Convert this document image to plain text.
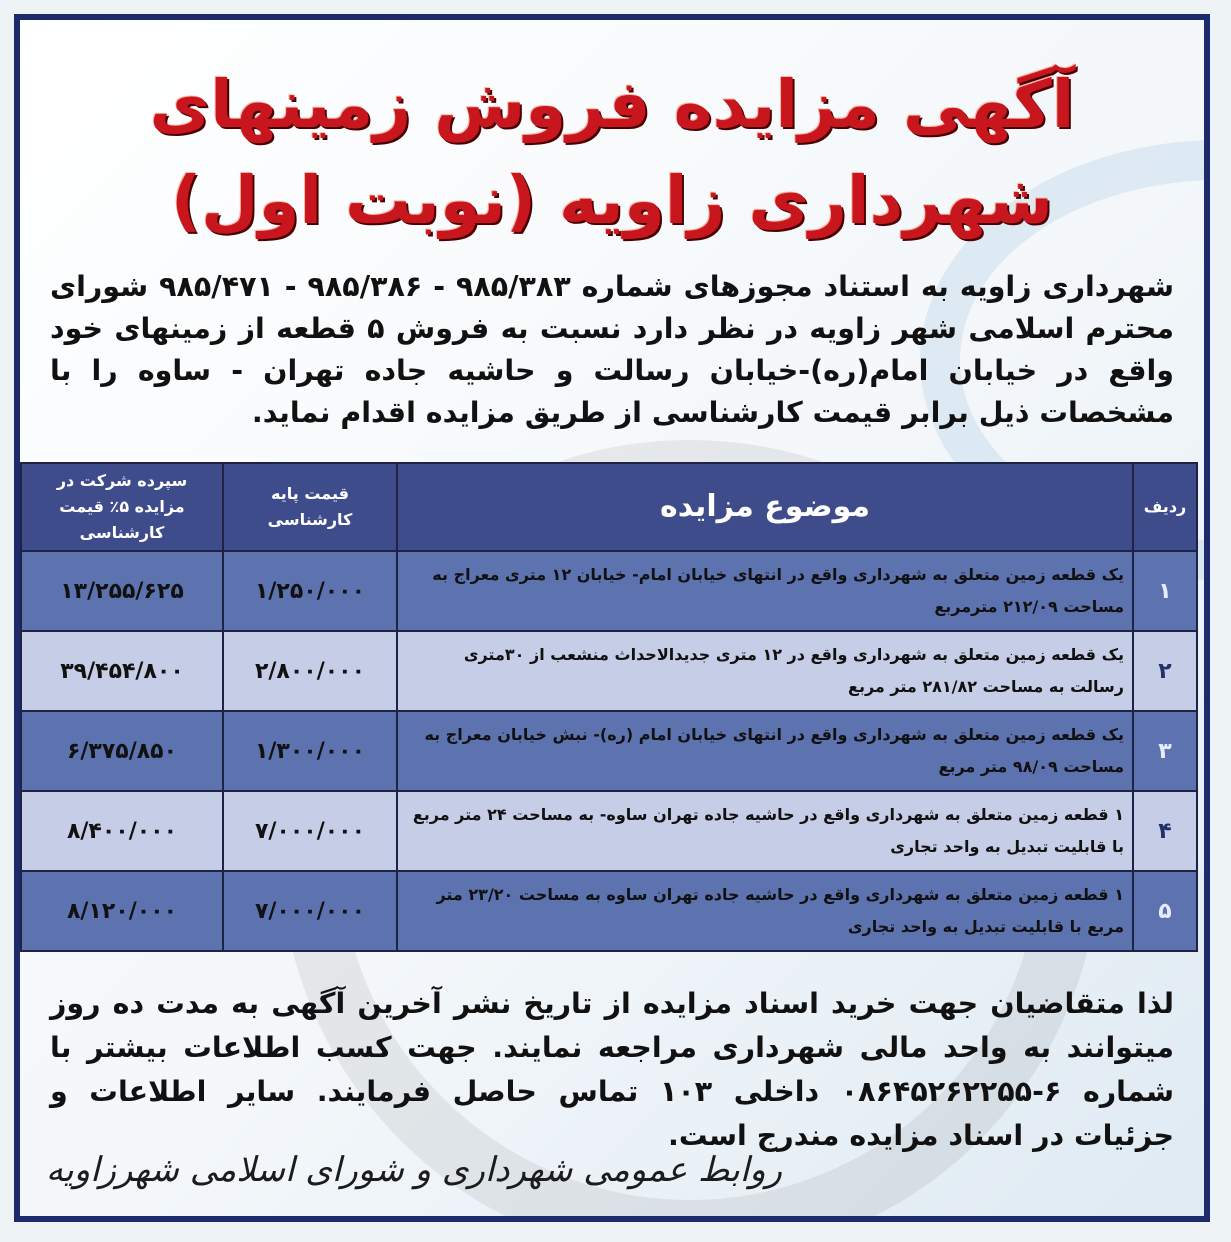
آگهی مزایده فروش زمینهای
شهرداری زاویه (نوبت اول)
شهرداری زاویه به استناد مجوزهای شماره ۹۸۵/۳۸۳ - ۹۸۵/۳۸۶ - ۹۸۵/۴۷۱ شورای محترم اسلامی شهر زاویه در نظر دارد نسبت به فروش ۵ قطعه از زمینهای خود واقع در خیابان امام(ره)-خیابان رسالت و حاشیه جاده تهران - ساوه را با مشخصات ذیل برابر قیمت کارشناسی از طریق مزایده اقدام نماید.
ردیف	موضوع مزایده	قیمت پایه کارشناسی	سپرده شرکت در مزایده ۵٪ قیمت کارشناسی
۱	یک قطعه زمین متعلق به شهرداری واقع در انتهای خیابان امام- خیابان ۱۲ متری معراج به مساحت ۲۱۲/۰۹ مترمربع	۱/۲۵۰/۰۰۰	۱۳/۲۵۵/۶۲۵
۲	یک قطعه زمین متعلق به شهرداری واقع در ۱۲ متری جدیدالاحداث منشعب از ۳۰متری رسالت به مساحت ۲۸۱/۸۲ متر مربع	۲/۸۰۰/۰۰۰	۳۹/۴۵۴/۸۰۰
۳	یک قطعه زمین متعلق به شهرداری واقع در انتهای خیابان امام (ره)- نبش خیابان معراج به مساحت ۹۸/۰۹ متر مربع	۱/۳۰۰/۰۰۰	۶/۳۷۵/۸۵۰
۴	۱ قطعه زمین متعلق به شهرداری واقع در حاشیه جاده تهران ساوه- به مساحت ۲۴ متر مربع با قابلیت تبدیل به واحد تجاری	۷/۰۰۰/۰۰۰	۸/۴۰۰/۰۰۰
۵	۱ قطعه زمین متعلق به شهرداری واقع در حاشیه جاده تهران ساوه به مساحت ۲۳/۲۰ متر مربع با قابلیت تبدیل به واحد تجاری	۷/۰۰۰/۰۰۰	۸/۱۲۰/۰۰۰
لذا متقاضیان جهت خرید اسناد مزایده از تاریخ نشر آخرین آگهی به مدت ده روز میتوانند به واحد مالی شهرداری مراجعه نمایند. جهت کسب اطلاعات بیشتر با شماره ۶-۰۸۶۴۵۲۶۲۲۵۵ داخلی ۱۰۳ تماس حاصل فرمایند. سایر اطلاعات و جزئیات در اسناد مزایده مندرج است.
روابط عمومی شهرداری و شورای اسلامی شهرزاویه
